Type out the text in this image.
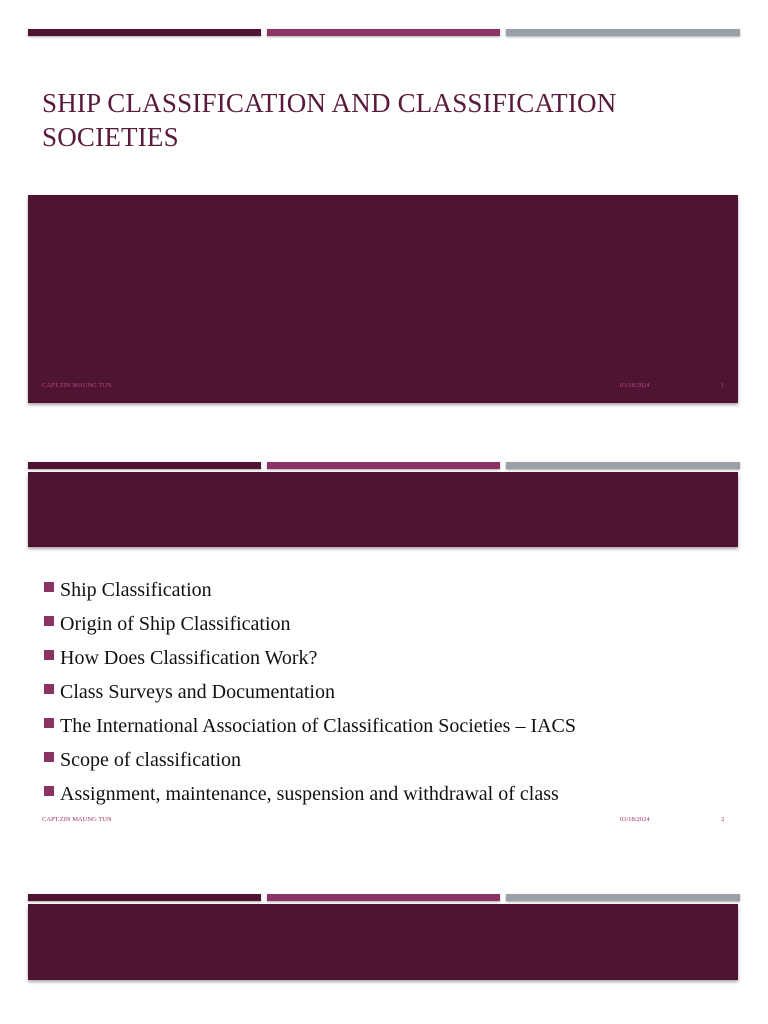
SHIP CLASSIFICATION AND CLASSIFICATION SOCIETIES
CAPT.ZIN MAUNG TUN	03/18/2024	1
Ship Classification
Origin of Ship Classification
How Does Classification Work?
Class Surveys and Documentation
The International Association of Classification Societies – IACS
Scope of classification
Assignment, maintenance, suspension and withdrawal of class
CAPT.ZIN MAUNG TUN	03/18/2024	2
